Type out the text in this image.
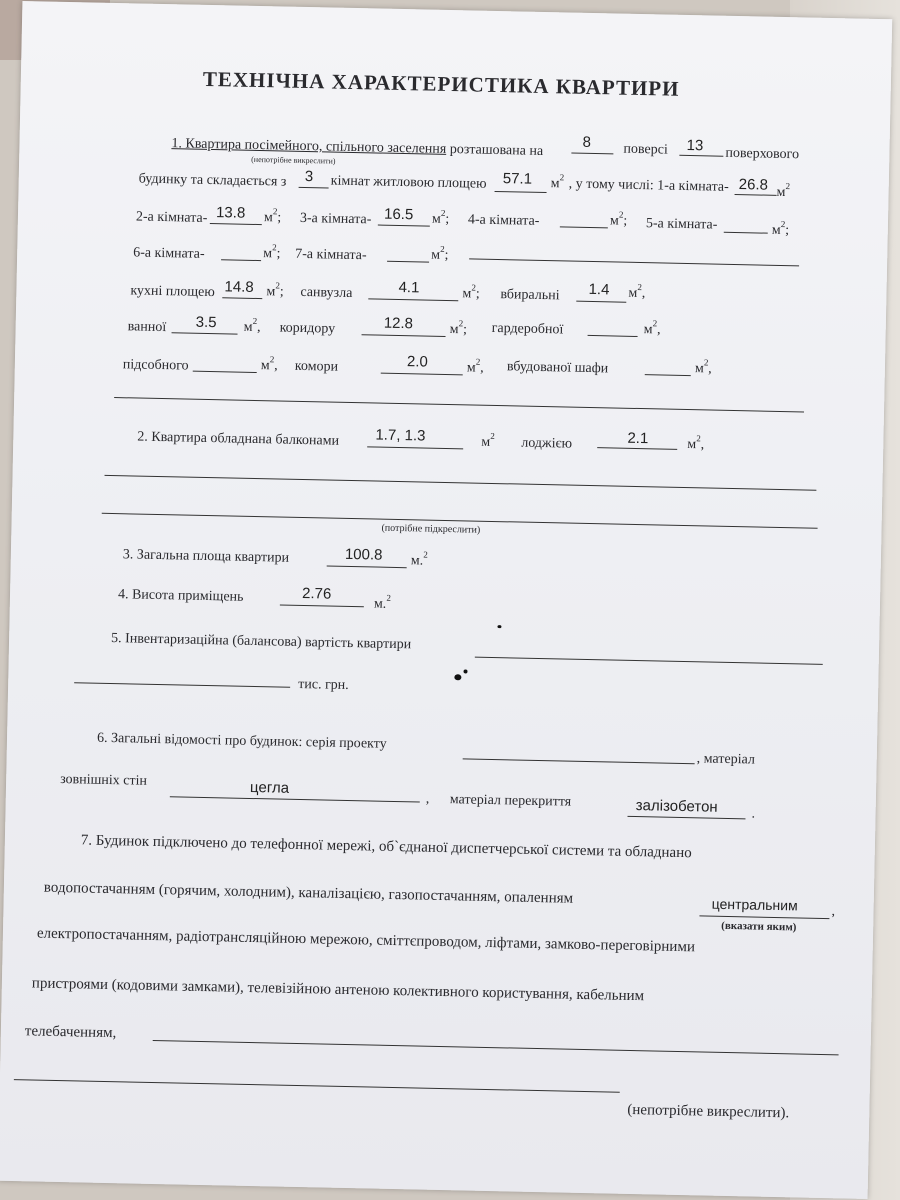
ТЕХНІЧНА ХАРАКТЕРИСТИКА КВАРТИРИ
1. Квартира посімейного, спільного заселення розташована на
(непотрібне викреслити)
8 поверсі 13 поверхового
будинку та складається з 3 кімнат житловою площею 57.1 $м^2$ , у тому числі: 1-а кімната- 26.8 $м^2$
2-а кімната- 13.8 $м^2$; 3-а кімната- 16.5 $м^2$; 4-а кімната-	$м^2$; 5-а кімната-	$м^2$;
6-а кімната-	$м^2$; 7-а кімната-	$м^2$;
кухні площею 14.8 $м^2$; санвузла	4.1	$м^2$; вбиральні 1.4 $м^2$,
ванної 3.5 $м^2$, коридору	12.8	$м^2$; гардеробної	$м^2$,
підсобного	$м^2$, комори	2.0	$м^2$, вбудованої шафи	$м^2$,
2. Квартира обладнана балконами 1.7, 1.3	$м^2$ лоджією	2.1	$м^2$,
(потрібне підкреслити)
3. Загальна площа квартири	100.8 м.$^2$
4. Висота приміщень	2.76
м.$^2$
5. Інвентаризаційна (балансова) вартість квартири
тис. грн.
6. Загальні відомості про будинок: серія проекту
, матеріал
зовнішніх стін	цегла
, матеріал перекриття	залізобетон .
7. Будинок підключено до телефонної мережі, об`єднаної диспетчерської системи та обладнано
водопостачанням (горячим, холодним), каналізацією, газопостачанням, опаленням	центральним ,
(вказати яким)
електропостачанням, радіотрансляційною мережою, сміттєпроводом, ліфтами, замково-переговірними
пристроями (кодовими замками), телевізійною антеною колективного користування, кабельним
телебаченням,
(непотрібне викреслити).
